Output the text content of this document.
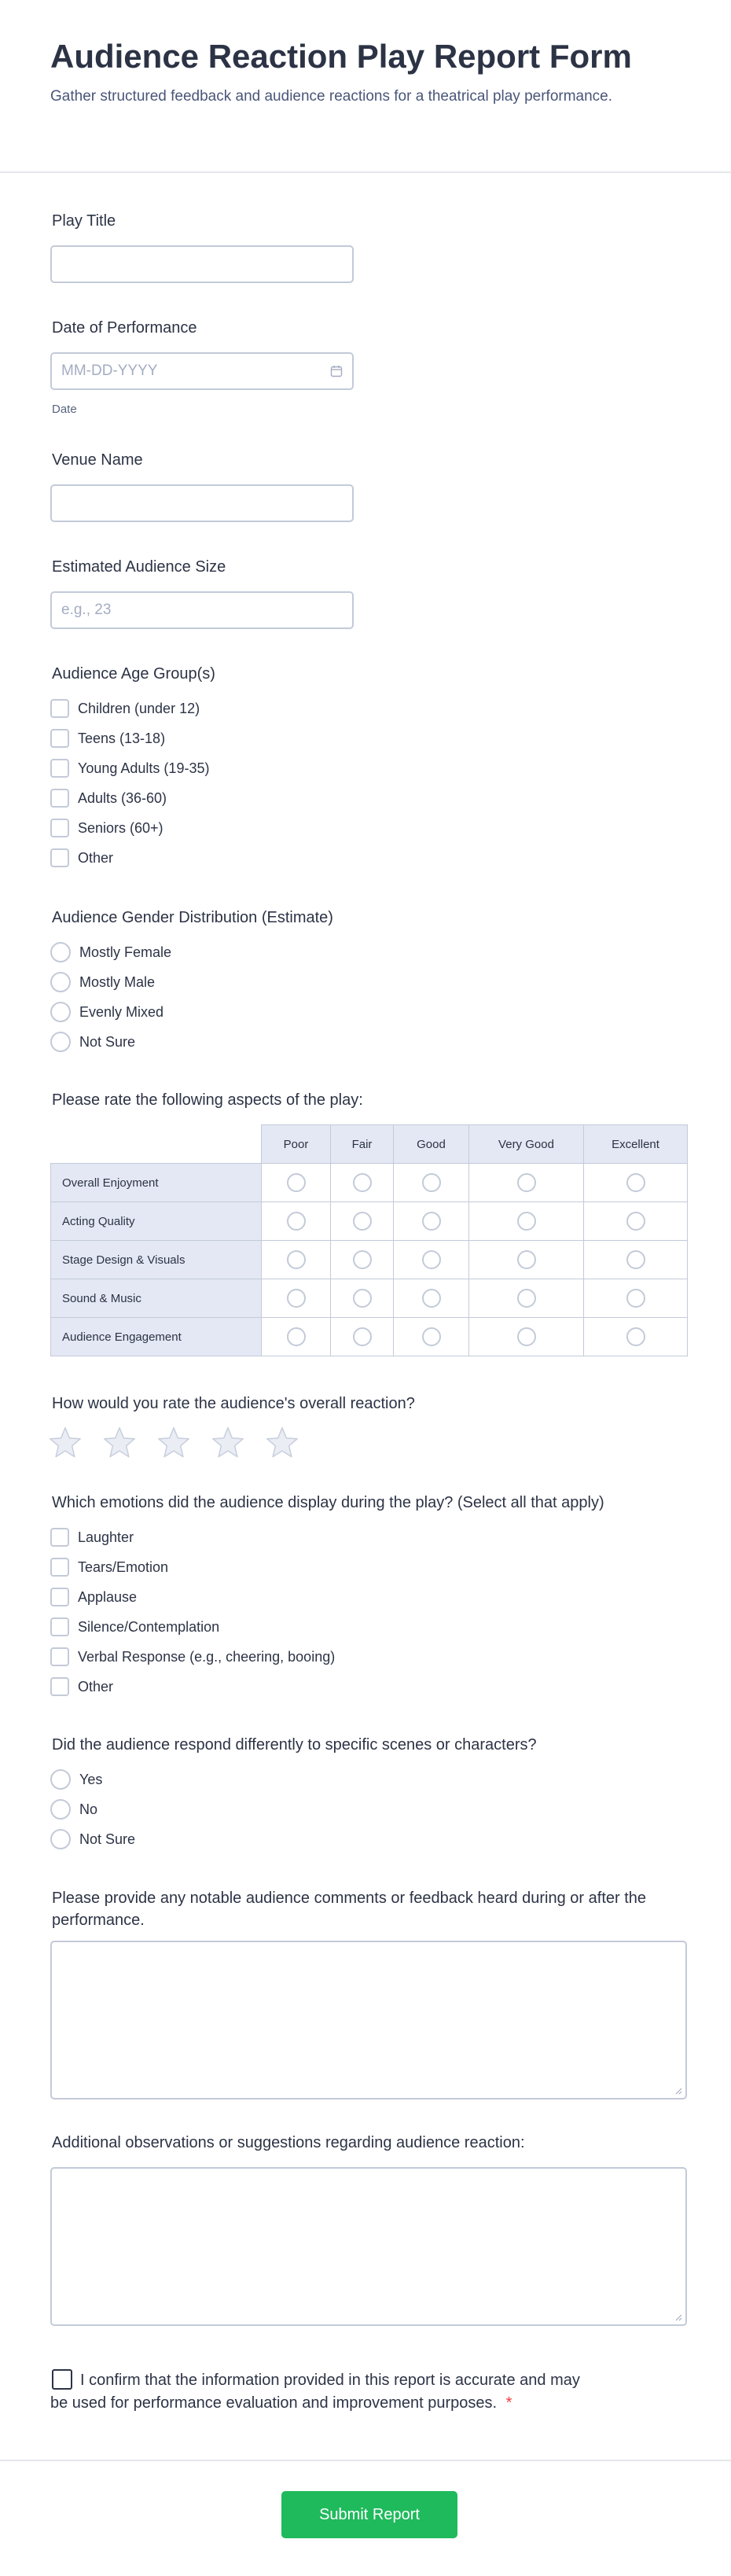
Audience Reaction Play Report Form
Gather structured feedback and audience reactions for a theatrical play performance.
Play Title
Date of Performance
MM-DD-YYYY
Date
Venue Name
Estimated Audience Size
e.g., 23
Audience Age Group(s)
Children (under 12)
Teens (13-18)
Young Adults (19-35)
Adults (36-60)
Seniors (60+)
Other
Audience Gender Distribution (Estimate)
Mostly Female
Mostly Male
Evenly Mixed
Not Sure
Please rate the following aspects of the play:
	Poor	Fair	Good	Very Good	Excellent
Overall Enjoyment					
Acting Quality					
Stage Design & Visuals					
Sound & Music					
Audience Engagement					
How would you rate the audience's overall reaction?
Which emotions did the audience display during the play? (Select all that apply)
Laughter
Tears/Emotion
Applause
Silence/Contemplation
Verbal Response (e.g., cheering, booing)
Other
Did the audience respond differently to specific scenes or characters?
Yes
No
Not Sure
Please provide any notable audience comments or feedback heard during or after the performance.
Additional observations or suggestions regarding audience reaction:
I confirm that the information provided in this report is accurate and may
be used for performance evaluation and improvement purposes. *
Submit Report
